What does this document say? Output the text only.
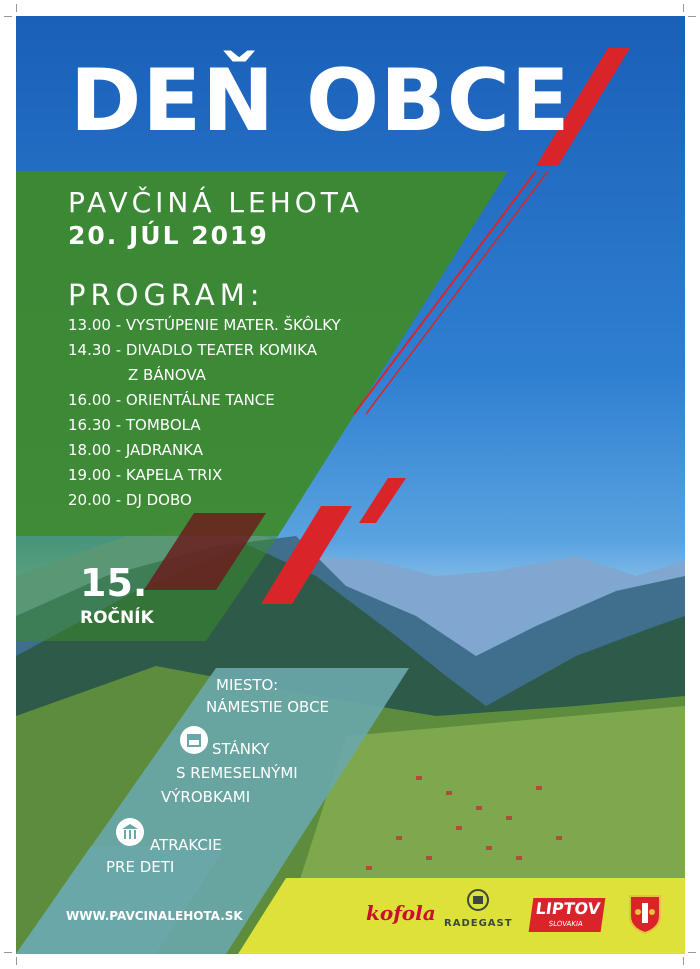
DEŇ OBCE
PAVČINÁ LEHOTA
20. JÚL 2019
PROGRAM:
13.00 - VYSTÚPENIE MATER. ŠKÔLKY
14.30 - DIVADLO TEATER KOMIKA
Z BÁNOVA
16.00 - ORIENTÁLNE TANCE
16.30 - TOMBOLA
18.00 - JADRANKA
19.00 - KAPELA TRIX
20.00 - DJ DOBO
15.
ROČNÍK
MIESTO:
NÁMESTIE OBCE
STÁNKY
S REMESELNÝMI
VÝROBKAMI
ATRAKCIE
PRE DETI
WWW.PAVCINALEHOTA.SK	kofola RADEGAST
LIPTOV
SLOVAKIA
